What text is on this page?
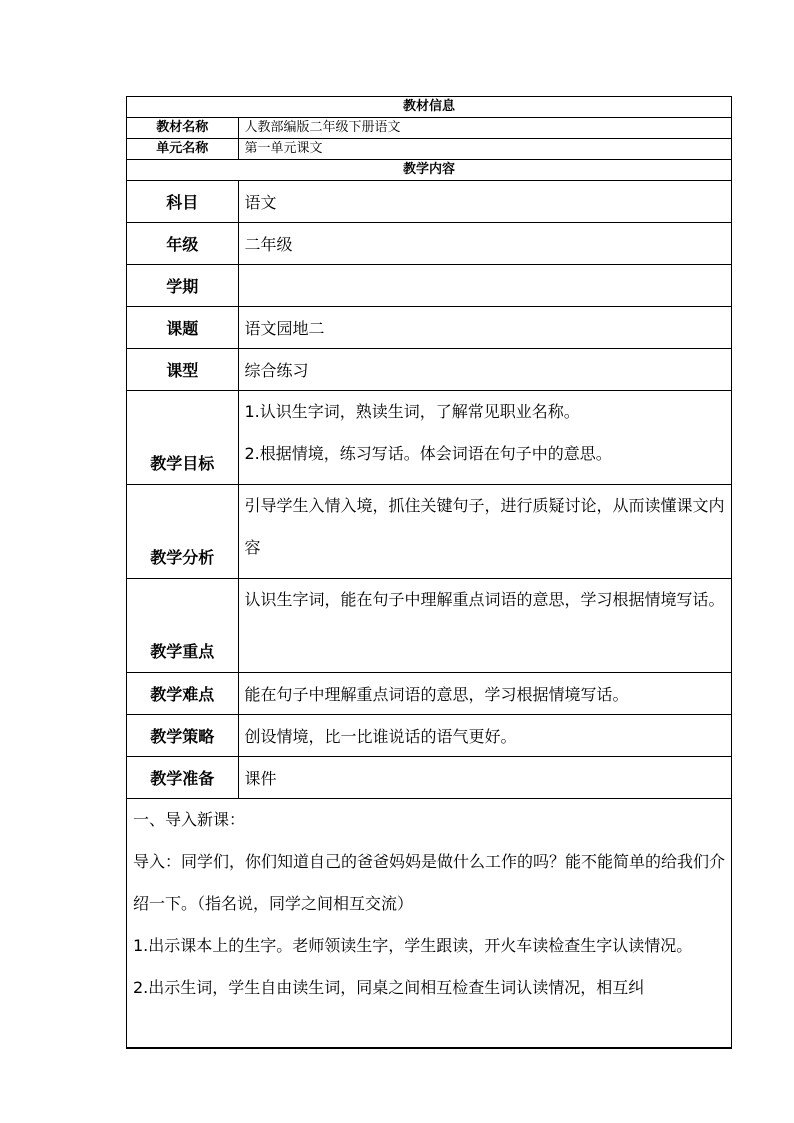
教材信息	
教材名称	人教部编版二年级下册语文
单元名称	第一单元课文
教学内容	
科目	语文
年级	二年级
学期	
课题	语文园地二
课型	综合练习
教学目标	1.认识生字词，熟读生词，了解常见职业名称。
2.根据情境，练习写话。体会词语在句子中的意思。

教学分析	引导学生入情入境，抓住关键句子，进行质疑讨论，从而读懂课文内容

教学重点	认识生字词，能在句子中理解重点词语的意思，学习根据情境写话。

教学难点	能在句子中理解重点词语的意思，学习根据情境写话。
教学策略	创设情境，比一比谁说话的语气更好。
教学准备	课件

一、导入新课：

导入：同学们，你们知道自己的爸爸妈妈是做什么工作的吗？能不能简单的给我们介绍一下。（指名说，同学之间相互交流）

1.出示课本上的生字。老师领读生字，学生跟读，开火车读检查生字认读情况。

2.出示生词，学生自由读生词，同桌之间相互检查生词认读情况，相互纠	
